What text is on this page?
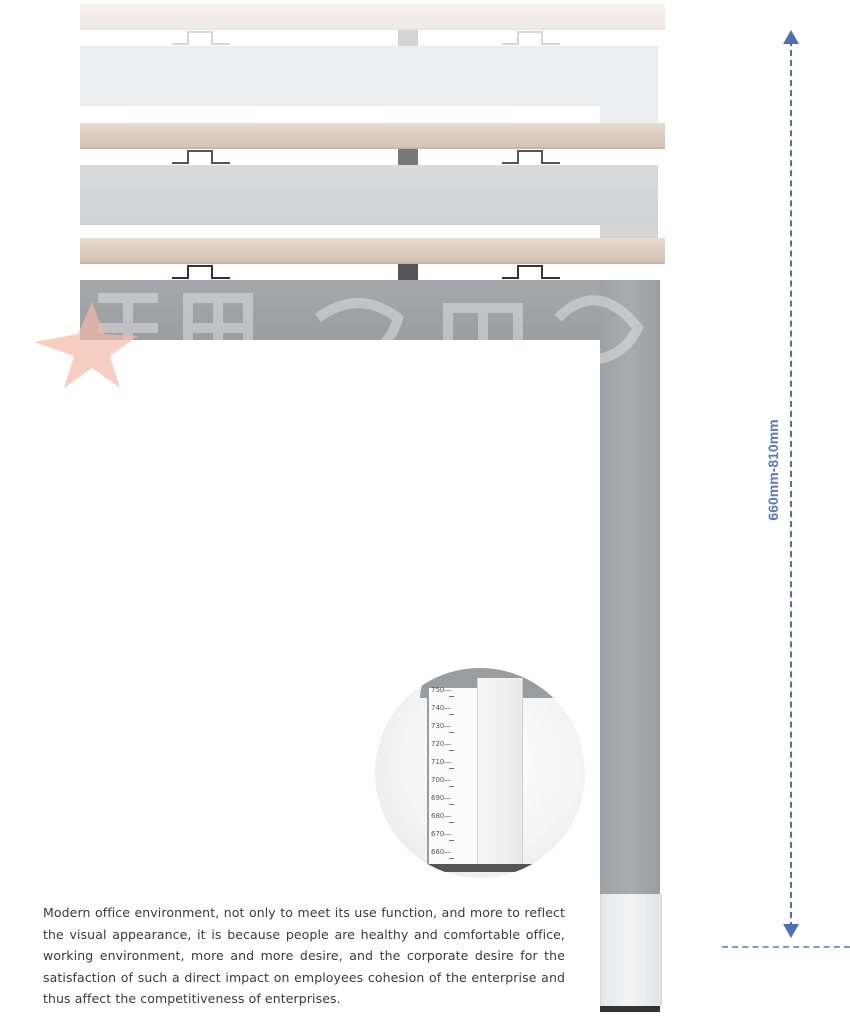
660mm-810mm
750—
740—
730—
720—
710—
700—
690—
680—
670—
660—
Modern office environment, not only to meet its use function, and more to reflect the visual appearance, it is because people are healthy and comfortable office, working environment, more and more desire, and the corporate desire for the satisfaction of such a direct impact on employees cohesion of the enterprise and thus affect the competitiveness of enterprises.
